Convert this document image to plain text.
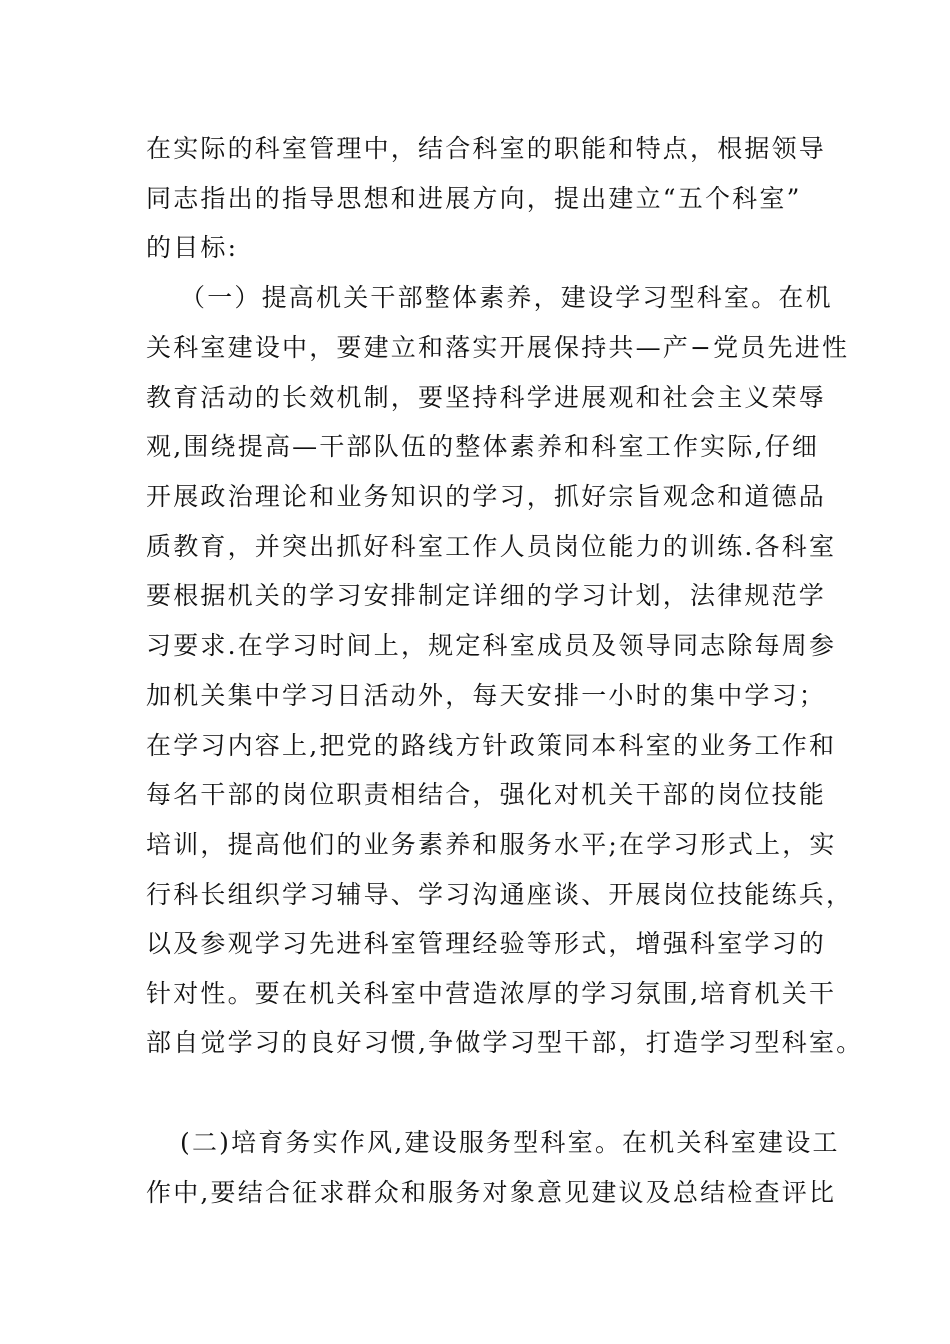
在实际的科室管理中，结合科室的职能和特点，根据领导
同志指出的指导思想和进展方向，提出建立“五个科室”
的目标:
（一）提高机关干部整体素养，建设学习型科室。在机
关科室建设中，要建立和落实开展保持共—产−党员先进性
教育活动的长效机制，要坚持科学进展观和社会主义荣辱
观,围绕提高—干部队伍的整体素养和科室工作实际,仔细
开展政治理论和业务知识的学习，抓好宗旨观念和道德品
质教育，并突出抓好科室工作人员岗位能力的训练.各科室
要根据机关的学习安排制定详细的学习计划，法律规范学
习要求.在学习时间上，规定科室成员及领导同志除每周参
加机关集中学习日活动外，每天安排一小时的集中学习；
在学习内容上,把党的路线方针政策同本科室的业务工作和
每名干部的岗位职责相结合，强化对机关干部的岗位技能
培训，提高他们的业务素养和服务水平;在学习形式上，实
行科长组织学习辅导、学习沟通座谈、开展岗位技能练兵，
以及参观学习先进科室管理经验等形式，增强科室学习的
针对性。要在机关科室中营造浓厚的学习氛围,培育机关干
部自觉学习的良好习惯,争做学习型干部，打造学习型科室。
(二)培育务实作风,建设服务型科室。在机关科室建设工
作中,要结合征求群众和服务对象意见建议及总结检查评比
